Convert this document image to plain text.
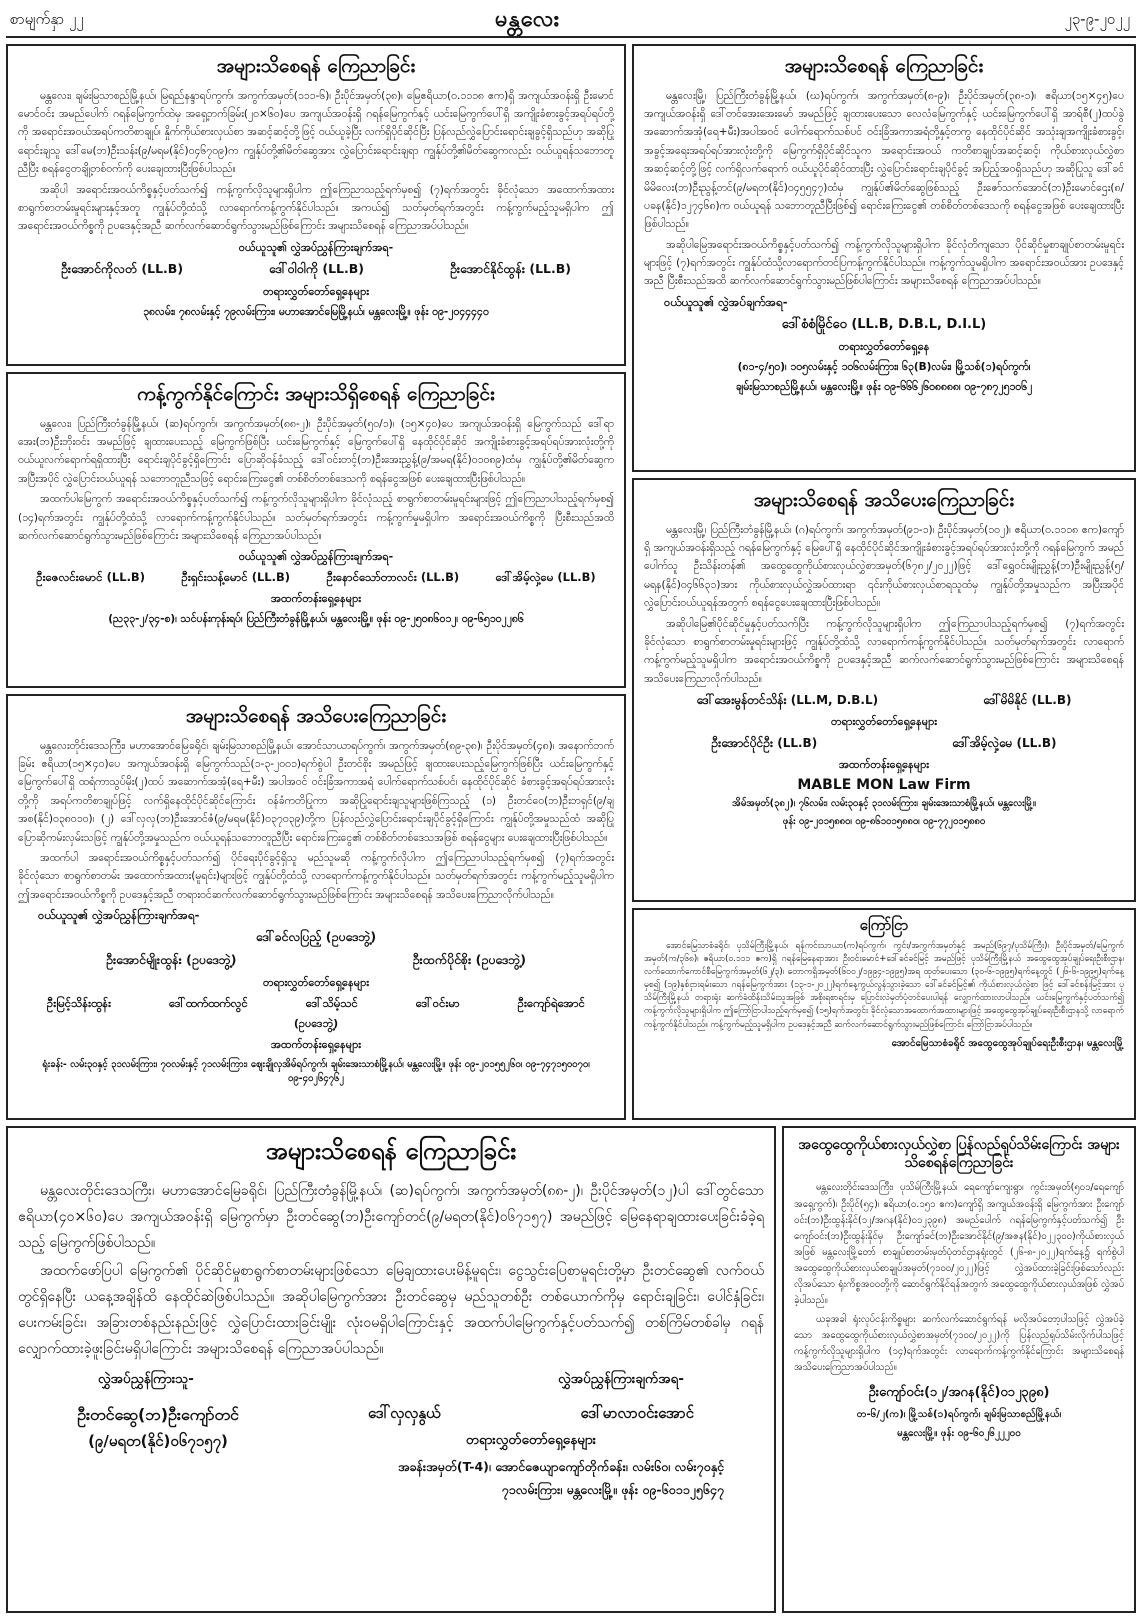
စာမျက်နှာ ၂၂	မန္တလေး	၂၃-၉-၂၀၂၂
အများသိစေရန် ကြေညာခြင်း

မန္တလေး၊ ချမ်းမြသာစည်မြို့နယ်၊ မြရည်နန္ဒာရပ်ကွက်၊ အကွက်အမှတ်(၁၁၁-၆)၊ ဦးပိုင်အမှတ်(၃၈)၊ မြေဧရိယာ(၀.၁၁၁၈ ဧက)ရှိ အကျယ်အဝန်းရှိ ဦးမောင်မောင်ဝင်း အမည်ပေါက် ဂရန်မြေကွက်ထဲမှ အရှေ့ဘက်ခြမ်း(၂၀×၆၀)ပေ အကျယ်အဝန်းရှိ ဂရန်မြေကွက်နှင့် ယင်းမြေကွက်ပေါ်ရှိ အကျိုးခံစားခွင့်အရပ်ရပ်တို့ကို အရောင်းအဝယ်အရပ်ကတိစာချုပ်၊ နှိုက်ကိုယ်စားလှယ်စာ အဆင့်ဆင့်တို့ဖြင့် ဝယ်ယူခဲ့ပြီး လက်ရှိပိုင်ဆိုင်ပြီး ပြန်လည်လွှဲပြောင်းရောင်းချခွင့်ရှိသည်ဟု အဆိုပြု ရောင်းချသူ ဒေါ်မေ(ဘ)ဦးသန်း(၉/မရမ(နိုင်)၀၄၆၇၀၉)က ကျွန်ုပ်တို့၏မိတ်ဆွေအား လွှဲပြောင်းရောင်းချရာ ကျွန်ုပ်တို့၏မိတ်ဆွေကလည်း ဝယ်ယူရန်သဘောတူညီပြီး စရန်ငွေတချို့တစ်ဝက်ကို ပေးချေထားပြီးဖြစ်ပါသည်။

အဆိုပါ အရောင်းအဝယ်ကိစ္စနှင့်ပတ်သက်၍ ကန့်ကွက်လိုသူများရှိပါက ဤကြေညာသည့်ရက်မှစ၍ (၇)ရက်အတွင်း ခိုင်လုံသော အထောက်အထား စာရွက်စာတမ်းမူရင်းများနှင့်အတူ ကျွန်ုပ်တို့ထံသို့ လာရောက်ကန့်ကွက်နိုင်ပါသည်။ အကယ်၍ သတ်မှတ်ရက်အတွင်း ကန့်ကွက်မည့်သူမရှိပါက ဤအရောင်းအဝယ်ကိစ္စကို ဥပဒေနှင့်အညီ ဆက်လက်ဆောင်ရွက်သွားမည်ဖြစ်ကြောင်း အများသိစေရန် ကြေညာအပ်ပါသည်။

ဝယ်ယူသူ၏ လွှဲအပ်ညွှန်ကြားချက်အရ-
ဦးအောင်ကိုလတ် (LL.B)	ဒေါ်ဝါဝါကို (LL.B)	ဦးအောင်နိုင်ထွန်း (LL.B)
တရားလွှတ်တော်ရှေ့နေများ
၃၈လမ်း၊ ၇၈လမ်းနှင့် ၇၉လမ်းကြား၊ မဟာအောင်မြေမြို့နယ်၊ မန္တလေးမြို့။ ဖုန်း ၀၉-၂၀၄၄၄၄၀
ကန့်ကွက်နိုင်ကြောင်း အများသိရှိစေရန် ကြေညာခြင်း

မန္တလေး၊ ပြည်ကြီးတံခွန်မြို့နယ်၊ (ဆ)ရပ်ကွက်၊ အကွက်အမှတ်(၈၈-၂)၊ ဦးပိုင်အမှတ်(၅၀/၁)၊ (၁၅×၄၀)ပေ အကျယ်အဝန်းရှိ မြေကွက်သည် ဒေါ်ရာအေး(ဘ)ဦးဘိုးဝင်း အမည်ဖြင့် ချထားပေးသည့် မြေကွက်ဖြစ်ပြီး ယင်းမြေကွက်နှင့် မြေကွက်ပေါ်ရှိ နေထိုင်ပိုင်ဆိုင် အကျိုးခံစားခွင့်အရပ်ရပ်အားလုံးတို့ကို ဝယ်ယူလက်ရောက်ရရှိထားပြီး ရောင်းချပိုင်ခွင့်ရှိကြောင်း ပြောဆိုဝန်ခံသည့် ဒေါ်ဝင်းတင့်(ဘ)ဦးအေးညွှန့်(၉/အမရ(နိုင်)၀၁၀၈၉)ထံမှ ကျွန်ုပ်တို့၏မိတ်ဆွေက အပြီးအပိုင် လွှဲပြောင်းဝယ်ယူရန် သဘောတူညီသဖြင့် ရောင်းကြေးငွေ၏ တစ်စိတ်တစ်ဒေသကို စရန်ငွေအဖြစ် ပေးချေထားပြီးဖြစ်ပါသည်။

အထက်ပါမြေကွက် အရောင်းအဝယ်ကိစ္စနှင့်ပတ်သက်၍ ကန့်ကွက်လိုသူများရှိပါက ခိုင်လုံသည့် စာရွက်စာတမ်းမူရင်းများဖြင့် ဤကြေညာပါသည့်ရက်မှစ၍ (၁၄)ရက်အတွင်း ကျွန်ုပ်တို့ထံသို့ လာရောက်ကန့်ကွက်နိုင်ပါသည်။ သတ်မှတ်ရက်အတွင်း ကန့်ကွက်မှုမရှိပါက အရောင်းအဝယ်ကိစ္စကို ပြီးစီးသည်အထိ ဆက်လက်ဆောင်ရွက်သွားမည်ဖြစ်ကြောင်း အများသိစေရန် ကြေညာအပ်ပါသည်။

ဝယ်ယူသူ၏ လွှဲအပ်ညွှန်ကြားချက်အရ-
ဦးဇေလင်းမောင် (LL.B)	ဦးရှင်းသန့်မောင် (LL.B)	ဦးနောင်သော်တာလင်း (LL.B)	ဒေါ်အိမ့်လှဲ့မေ (LL.B)
အထက်တန်းရှေ့နေများ
(ည၃၃-၂/၃၄-စ)၊ သင်ပန်းကုန်းရပ်၊ ပြည်ကြီးတံခွန်မြို့နယ်၊ မန္တလေးမြို့။ ဖုန်း ၀၉-၂၅၀၈၆၀၁၂၊ ၀၉-၆၅၁၀၂၂၈၆
အများသိစေရန် အသိပေးကြေညာခြင်း

မန္တလေးတိုင်းဒေသကြီး၊ မဟာအောင်မြေခရိုင်၊ ချမ်းမြသာစည်မြို့နယ်၊ အောင်သာယာရပ်ကွက်၊ အကွက်အမှတ်(၈၉-၃၈)၊ ဦးပိုင်အမှတ်(၄၈)၊ အနောက်ဘက်ခြမ်း ဧရိယာ(၁၅×၄၀)ပေ အကျယ်အဝန်းရှိ မြေကွက်သည်(၁-၃-၂၀၀၁)ရက်စွဲပါ ဦးတင်စိုး အမည်ဖြင့် ချထားပေးသည့်မြေကွက်ဖြစ်ပြီး ယင်းမြေကွက်နှင့် မြေကွက်ပေါ်ရှိ ထရံကာသွပ်မိုး(၂)ထပ် အဆောက်အအုံ(ရေ+မီး) အပါအဝင် ဝင်းခြံအကာအရံ ပေါက်ရောက်သစ်ပင်၊ နေထိုင်ပိုင်ဆိုင် ခံစားခွင့်အရပ်ရပ်အားလုံးတို့ကို အရပ်ကတိစာချုပ်ဖြင့် လက်ရှိနေထိုင်ပိုင်ဆိုင်ကြောင်း ဝန်ခံကတိပြုကာ အဆိုပြုရောင်းချသူများဖြစ်ကြသည့် (၁) ဦးတင်ဝေ(ဘ)ဦးဘရှင်(၉/ချအစ(နိုင်)၀၃၈၀၁၀)၊ (၂) ဒေါ်လှလှ(ဘ)ဦးအောင်ဇံ(၉/မရမ(နိုင်)၀၃၇၀၃၉)တို့က ပြန်လည်လွှဲပြောင်းရောင်းချပိုင်ခွင့်ရှိကြောင်း ကျွန်ုပ်တို့အမှုသည်ထံ အဆိုပြုပြောဆိုကမ်းလှမ်းသဖြင့် ကျွန်ုပ်တို့အမှုသည်က ဝယ်ယူရန်သဘောတူညီပြီး ရောင်းကြေးငွေ၏ တစ်စိတ်တစ်ဒေသအဖြစ် စရန်ငွေများ ပေးချေထားပြီးဖြစ်ပါသည်။

အထက်ပါ အရောင်းအဝယ်ကိစ္စနှင့်ပတ်သက်၍ ပိုင်ရေးပိုင်ခွင့်ရှိသူ မည်သူမဆို ကန့်ကွက်လိုပါက ဤကြေညာပါသည့်ရက်မှစ၍ (၇)ရက်အတွင်း ခိုင်လုံသော စာရွက်စာတမ်း အထောက်အထား(မူရင်း)များဖြင့် ကျွန်ုပ်တို့ထံသို့ လာရောက်ကန့်ကွက်နိုင်ပါသည်။ သတ်မှတ်ရက်အတွင်း ကန့်ကွက်မည့်သူမရှိပါက ဤအရောင်းအဝယ်ကိစ္စကို ဥပဒေနှင့်အညီ တရားဝင်ဆက်လက်ဆောင်ရွက်သွားမည်ဖြစ်ကြောင်း အများသိစေရန် အသိပေးကြေညာလိုက်ပါသည်။

ဝယ်ယူသူ၏ လွှဲအပ်ညွှန်ကြားချက်အရ-
ဒေါ်ခင်လပြည့် (ဥပဒေဘွဲ့)
ဦးအောင်မျိုးထွန်း (ဥပဒေဘွဲ့)	ဦးထက်ပိုင်စိုး (ဥပဒေဘွဲ့)
တရားလွှတ်တော်ရှေ့နေများ
ဦးမြင့်သိန်းထွန်း	ဒေါ်ထက်ထက်လွင်	ဒေါ်သိမ့်သင်	ဒေါ်ဝင်းမာ	ဦးကျော်ရဲအောင်
(ဥပဒေဘွဲ့)
အထက်တန်းရှေ့နေများ
ရုံးခန်း- လမ်း၃၀နှင့် ၃၁လမ်းကြား၊ ၇၀လမ်းနှင့် ၇၁လမ်းကြား၊ ဈေးချိုလှအိမ်ရပ်ကွက်၊ ချမ်းအေးသာစံမြို့နယ်၊ မန္တလေးမြို့။ ဖုန်း ၀၉-၂၀၁၅၅၂၆၀၊ ၀၉-၇၄၇၁၅၀၀၇၀၊ ၀၉-၄၀၂၆၄၇၆၂
အများသိစေရန် ကြေညာခြင်း

မန္တလေးတိုင်းဒေသကြီး၊ မဟာအောင်မြေခရိုင်၊ ပြည်ကြီးတံခွန်မြို့နယ်၊ (ဆ)ရပ်ကွက်၊ အကွက်အမှတ်(၈၈-၂)၊ ဦးပိုင်အမှတ်(၁၂)ပါ ဒေါ်တွင်သော ဧရိယာ(၄၀×၆၀)ပေ အကျယ်အဝန်းရှိ မြေကွက်မှာ ဦးတင်ဆွေ(ဘ)ဦးကျော်တင်(၉/မရတ(နိုင်)၀၆၇၁၅၇) အမည်ဖြင့် မြေနေရာချထားပေးခြင်းခံခဲ့ရသည့် မြေကွက်ဖြစ်ပါသည်။

အထက်ဖော်ပြပါ မြေကွက်၏ ပိုင်ဆိုင်မှုစာရွက်စာတမ်းများဖြစ်သော မြေချထားပေးမိန့်မူရင်း၊ ငွေသွင်းပြေစာမူရင်းတို့မှာ ဦးတင်ဆွေ၏ လက်ဝယ်တွင်ရှိနေပြီး ယနေ့အချိန်ထိ နေထိုင်ဆဲဖြစ်ပါသည်။ အဆိုပါမြေကွက်အား ဦးတင်ဆွေမှ မည်သူတစ်ဦး တစ်ယောက်ကိုမှ ရောင်းချခြင်း၊ ပေါင်နှံခြင်း၊ ပေးကမ်းခြင်း၊ အခြားတစ်နည်းနည်းဖြင့် လွှဲပြောင်းထားခြင်းမျိုး လုံးဝမရှိပါကြောင်းနှင့် အထက်ပါမြေကွက်နှင့်ပတ်သက်၍ တစ်ကြိမ်တစ်ခါမှ ဂရန်လျှောက်ထားခဲ့ဖူးခြင်းမရှိပါကြောင်း အများသိစေရန် ကြေညာအပ်ပါသည်။

လွှဲအပ်ညွှန်ကြားသူ-	လွှဲအပ်ညွှန်ကြားချက်အရ-
ဦးတင်ဆွေ(ဘ)ဦးကျော်တင်
(၉/မရတ(နိုင်)၀၆၇၁၅၇)
ဒေါ်လှလှနွယ်	ဒေါ်မာလာဝင်းအောင်
တရားလွှတ်တော်ရှေ့နေများ
အခန်းအမှတ်(T-4)၊ အောင်ဇေယျာကျော်တိုက်ခန်း၊ လမ်း၆၀၊ လမ်း၇၀နှင့်
၇၁လမ်းကြား၊ မန္တလေးမြို့။ ဖုန်း ၀၉-၆၀၁၁၂၅၆၄၇
အများသိစေရန် ကြေညာခြင်း

မန္တလေးမြို့၊ ပြည်ကြီးတံခွန်မြို့နယ်၊ (ဃ)ရပ်ကွက်၊ အကွက်အမှတ်(၈-၉)၊ ဦးပိုင်အမှတ်(၃၈-၁)၊ ဧရိယာ(၁၅×၄၅)ပေ အကျယ်အဝန်းရှိ ဒေါ်တင်အေးအေးမော် အမည်ဖြင့် ချထားပေးသော လေလံမြေကွက်နှင့် ယင်းမြေကွက်ပေါ်ရှိ အာရ်စီ(၂)ထပ်ခွဲ အဆောက်အအုံ(ရေ+မီး)အပါအဝင် ပေါက်ရောက်သစ်ပင် ဝင်းခြံအကာအရံတို့နှင့်တကွ နေထိုင်ပိုင်ဆိုင် အသုံးချအကျိုးခံစားခွင့်၊ အခွင့်အရေးအရပ်ရပ်အားလုံးတို့ကို မြေကွက်ရှိပိုင်ဆိုင်သူက အရောင်းအဝယ် ကတိစာချုပ်အဆင့်ဆင့်၊ ကိုယ်စားလှယ်လွှဲစာအဆင့်ဆင့်တို့ဖြင့် လက်ရှိလက်ရောက် ဝယ်ယူပိုင်ဆိုင်ထားပြီး လွှဲပြောင်းရောင်းချပိုင်ခွင့် အပြည့်အဝရှိသည်ဟု အဆိုပြုသူ ဒေါ်ခင်မိမိလေး(ဘ)ဦးညွန့်တင်(၉/မရတ(နိုင်)၀၄၅၅၄၇)ထံမှ ကျွန်ုပ်၏မိတ်ဆွေဖြစ်သည့် ဦးဇော်သက်အောင်(ဘ)ဦးမောင်ဌေး(၈/ပခန(နိုင်)၁၂၇၄၆၈)က ဝယ်ယူရန် သဘောတူညီပြီးဖြစ်၍ ရောင်းကြေးငွေ၏ တစ်စိတ်တစ်ဒေသကို စရန်ငွေအဖြစ် ပေးချေထားပြီးဖြစ်ပါသည်။

အဆိုပါမြေအရောင်းအဝယ်ကိစ္စနှင့်ပတ်သက်၍ ကန့်ကွက်လိုသူများရှိပါက ခိုင်လုံတိကျသော ပိုင်ဆိုင်မှုစာချုပ်စာတမ်းမူရင်းများဖြင့် (၇)ရက်အတွင်း ကျွန်ုပ်ထံသို့လာရောက်တင်ပြကန့်ကွက်နိုင်ပါသည်။ ကန့်ကွက်သူမရှိပါက အရောင်းအဝယ်အား ဥပဒေနှင့်အညီ ပြီးစီးသည်အထိ ဆက်လက်ဆောင်ရွက်သွားမည်ဖြစ်ပါကြောင်း အများသိစေရန် ကြေညာအပ်ပါသည်။

ဝယ်ယူသူ၏ လွှဲအပ်ချက်အရ-
ဒေါ်စံစံမြိုင်ဝေ (LL.B, D.B.L, D.I.L)
တရားလွှတ်တော်ရှေ့နေ
(၈၁-၄/၅၀)၊ ၁၀၅လမ်းနှင့် ၁၀၆လမ်းကြား၊ ၆၃(B)လမ်း၊ မြို့သစ်(၁)ရပ်ကွက်၊
ချမ်းမြသာစည်မြို့နယ်၊ မန္တလေးမြို့။ ဖုန်း ၀၉-၆၆၆၂၆၀၈၈၈၈၊ ၀၉-၇၈၇၂၅၁၀၆၂
အများသိစေရန် အသိပေးကြေညာခြင်း

မန္တလေးမြို့၊ ပြည်ကြီးတံခွန်မြို့နယ်၊ (ဂ)ရပ်ကွက်၊ အကွက်အမှတ်(၉၁-၁)၊ ဦးပိုင်အမှတ်(၁၀၂)၊ ဧရိယာ(၀.၁၁၁၈ ဧက)ကျော်ရှိ အကျယ်အဝန်းရှိသည့် ဂရန်မြေကွက်နှင့် မြေပေါ်ရှိ နေထိုင်ပိုင်ဆိုင်အကျိုးခံစားခွင့်အရပ်ရပ်အားလုံးတို့ကို ဂရန်မြေကွက် အမည်ပေါက်သူ ဦးသိန်းတန်၏ အထွေထွေကိုယ်စားလှယ်လွှဲစာအမှတ်(၆၇၈၂/၂၀၂၂)ဖြင့် ဒေါ်ရွှေဝင်းမျိုးညွှန့်(ဘ)ဦးမျိုးညွှန့်(၅/မရန(နိုင်)၀၄၆၆၃၁)အား ကိုယ်စားလှယ်လွှဲအပ်ထားရာ ၎င်းကိုယ်စားလှယ်စာရသူထံမှ ကျွန်ုပ်တို့အမှုသည်က အပြီးအပိုင်လွှဲပြောင်းဝယ်ယူရန်အတွက် စရန်ငွေပေးချေထားပြီးဖြစ်ပါသည်။

အဆိုပါမြေ၏ပိုင်ဆိုင်မှုနှင့်ပတ်သက်ပြီး ကန့်ကွက်လိုသူများရှိပါက ဤကြေညာပါသည့်ရက်မှစ၍ (၇)ရက်အတွင်း ခိုင်လုံသော စာရွက်စာတမ်းမူရင်းများဖြင့် ကျွန်ုပ်တို့ထံသို့ လာရောက်ကန့်ကွက်နိုင်ပါသည်။ သတ်မှတ်ရက်အတွင်း လာရောက်ကန့်ကွက်မည့်သူမရှိပါက အရောင်းအဝယ်ကိစ္စကို ဥပဒေနှင့်အညီ ဆက်လက်ဆောင်ရွက်သွားမည်ဖြစ်ကြောင်း အများသိစေရန် အသိပေးကြေညာလိုက်ပါသည်။

ဒေါ်အေးမွန်တင်သိန်း (LL.M, D.B.L)	ဒေါ်မိမိနိုင် (LL.B)
တရားလွှတ်တော်ရှေ့နေများ
ဦးအောင်ပိုင်ဦး (LL.B)	ဒေါ်အိမ့်လှဲ့မေ (LL.B)
အထက်တန်းရှေ့နေများ
MABLE MON Law Firm
အိမ်အမှတ်(၃၈၂)၊ ၇၆လမ်း၊ လမ်း၃၀နှင့် ၃၁လမ်းကြား၊ ချမ်းအေးသာစံမြို့နယ်၊ မန္တလေးမြို့။
ဖုန်း ၀၉-၂၀၁၅၈၈၀၊ ၀၉-၈၆၁၀၁၅၈၈၀၊ ၀၉-၇၇၂၀၁၅၈၈၀
ကြော်ငြာ

အောင်မြေသာစံခရိုင်၊ ပုသိမ်ကြီးမြို့နယ်၊ ရန်ကင်းသာယာ(က)ရပ်ကွက်၊ ကွင်း/အကွက်အမှတ်နှင့် အမည်(၆၉၇/ပုသိမ်ကြီး)၊ ဦးပိုင်အမှတ်/မြေကွက်အမှတ်(က/၃၆၈)၊ ဧရိယာ(၀.၁၁၁ ဧက)ရှိ ဂရန်မြေနေရာအား ဦးဝင်းမောင်+ဒေါ်ခင်ခင်မြင့် အမည်ဖြင့် ပုသိမ်ကြီးမြို့နယ် အထွေထွေအုပ်ချုပ်ရေးဦးစီးဌာန၊ လက်ထောက်ကောင်စီမြေကွက်အမှတ်(၆၂/၃)၊ တောကရှိအမှတ်(၆၀၀၂/၁၉၉၄-၁၉၉၅)အရ ထုတ်ပေးသော (၃၀-၆-၁၉၉၅)ရက်နေ့တွင် (၂၆-၆-၁၉၉၅)ရက်နေ့မှစ၍ (၁၉)နှစ်ငှားရမ်းသော ဂရန်မြေကွက်အား (၁၃-၁-၂၀၂၂)ရက်နေ့ကွယ်လွန်သွားခဲ့သော ဒေါ်ခင်ခင်မြင့်၏ ကိုယ်စားလှယ်လွှဲစာ ဖြင့် ဒေါ်ခင်စန်းမြင့်အား ပုသိမ်ကြီးမြို့နယ် တရားရုံး ဆက်ခံထိန်းသိမ်းသူအဖြစ် အစိုးရစာရင်းမှ ပြောင်းလဲမှတ်ပုံတင်ပေးပါရန် လျှောက်ထားလာပါသည်။ ယင်းမြေကွက်နှင့်ပတ်သက်၍ ကန့်ကွက်လိုသူများရှိပါက ဤကြော်ငြာပါသည့်ရက်မှစ၍ (၁၅)ရက်အတွင်း ခိုင်လုံသောအထောက်အထားများဖြင့် အထွေထွေအုပ်ချုပ်ရေးဦးစီးဌာနသို့ လာရောက်ကန့်ကွက်နိုင်ပါသည်။ ကန့်ကွက်မည့်သူမရှိပါက ဥပဒေနှင့်အညီ ဆက်လက်ဆောင်ရွက်သွားမည်ဖြစ်ကြောင်း ကြော်ငြာအပ်ပါသည်။

အောင်မြေသာစံခရိုင် အထွေထွေအုပ်ချုပ်ရေးဦးစီးဌာန၊ မန္တလေးမြို့
အထွေထွေကိုယ်စားလှယ်လွှဲစာ ပြန်လည်ရုပ်သိမ်းကြောင်း အများသိစေရန်ကြေညာခြင်း

မန္တလေးတိုင်းဒေသကြီး၊ ပုသိမ်ကြီးမြို့နယ်၊ ရေကျော်ကျေးရွာ၊ ကွင်းအမှတ်(၅၀၁/ရေကျော်အရှေ့ကွက်)၊ ဦးပိုင်(၅၄)၊ ဧရိယာ(၀.၁၅၁ ဧက)ကျော်ရှိ အကျယ်အဝန်းရှိ မြေကွက်အား ဦးကျော်ဝင်း(ဘ)ဦးထွန်းနိုင်(၁၂/အဂန(နိုင်)၀၁၂၃၉၈) အမည်ပေါက် ဂရန်မြေကွက်နှင့်ပတ်သက်၍ ဦးကျော်ဝင်း(ဘ)ဦးထွန်းနိုင်မှ ဦးကျော်ခင်(ဘ)ဦးအောင်နိုင်(၉/အဇန(နိုင်)၀၂၂၃၀၀)ကိုယ်စားလှယ်အဖြစ် မန္တလေးမြို့တော် စာချုပ်စာတမ်းမှတ်ပုံတင်ဌာနရုံးတွင် (၂၆-၈-၂၀၂၂)ရက်နေ့၌ ရက်စွဲပါ အထွေထွေကိုယ်စားလှယ်စာချုပ်အမှတ်(၇၁၀၀/၂၀၂၂)ဖြင့် လွှဲအပ်ထားခဲ့ခြင်းဖြစ်သော်လည်း လိုအပ်သော ရုံးကိစ္စအဝဝတို့ကို ဆောင်ရွက်နိုင်ရန်အတွက် အထွေထွေကိုယ်စားလှယ်အဖြစ် လွှဲအပ်ခဲ့ပါသည်။

ယခုအခါ ရုံးလုပ်ငန်းကိစ္စများ ဆက်လက်ဆောင်ရွက်ရန် မလိုအပ်တော့ပါသဖြင့် လွှဲအပ်ခဲ့သော အထွေထွေကိုယ်စားလှယ်လွှဲစာအမှတ်(၇၁၀၀/၂၀၂၂)ကို ပြန်လည်ရုပ်သိမ်းလိုက်ပါသဖြင့် ကန့်ကွက်လိုသူများရှိပါက (၁၄)ရက်အတွင်း လာရောက်ကန့်ကွက်နိုင်ကြောင်း အများသိစေရန် အသိပေးကြေညာအပ်ပါသည်။

ဦးကျော်ဝင်း(၁၂/အဂန(နိုင်)၀၁၂၃၉၈)
တ-၆/၂(က)၊ မြို့သစ်(၁)ရပ်ကွက်၊ ချမ်းမြသာစည်မြို့နယ်၊
မန္တလေးမြို့။ ဖုန်း ၀၉-၆၀၂၆၂၂၂၀၀
